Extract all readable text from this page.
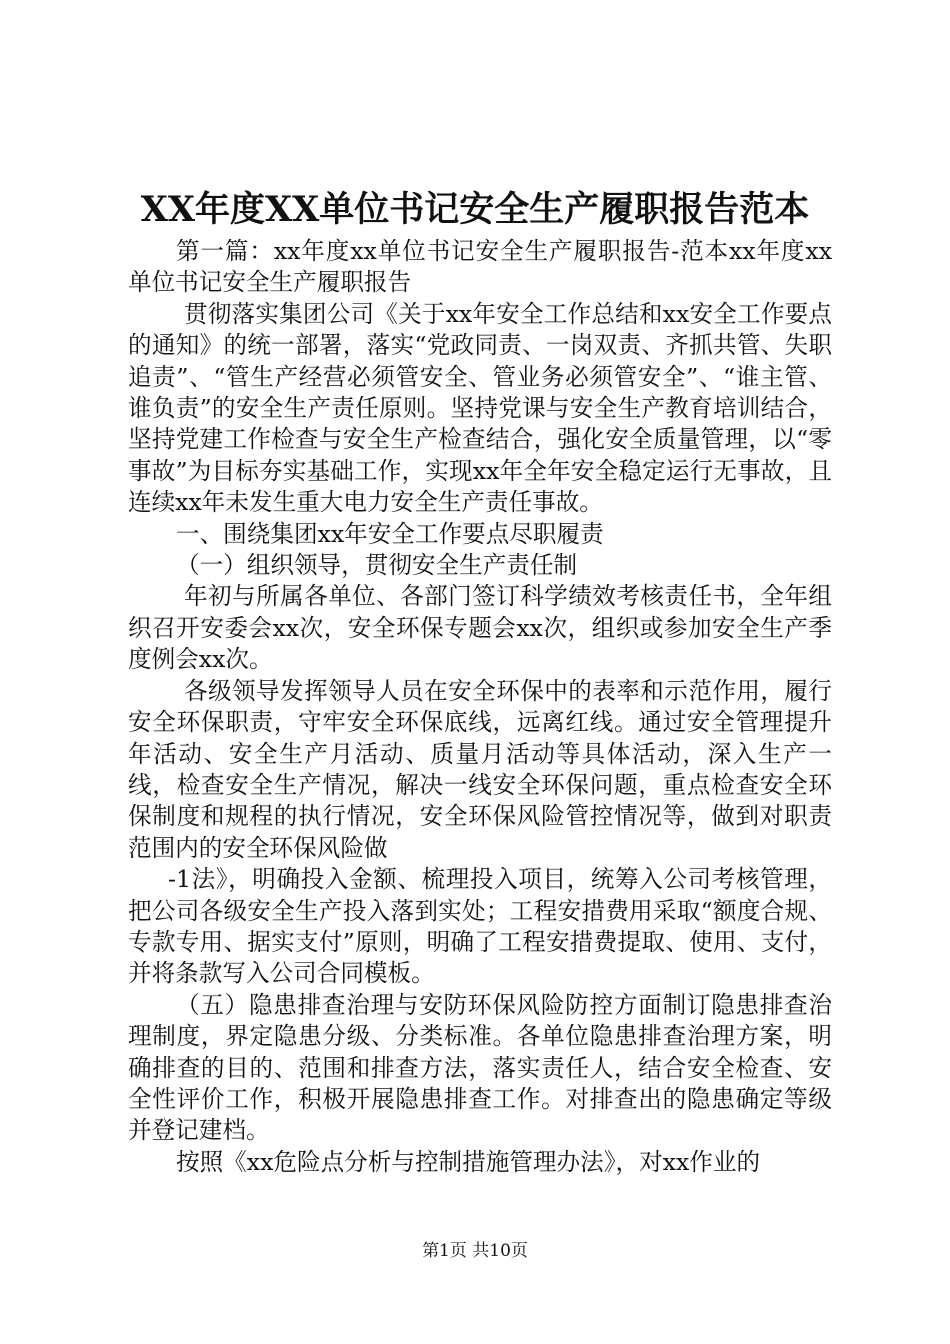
XX年度XX单位书记安全生产履职报告范本

第一篇：xx年度xx单位书记安全生产履职报告-范本xx年度xx单位书记安全生产履职报告

贯彻落实集团公司《关于xx年安全工作总结和xx安全工作要点的通知》的统一部署，落实“党政同责、一岗双责、齐抓共管、失职追责”、“管生产经营必须管安全、管业务必须管安全”、“谁主管、谁负责”的安全生产责任原则。坚持党课与安全生产教育培训结合，坚持党建工作检查与安全生产检查结合，强化安全质量管理，以“零事故”为目标夯实基础工作，实现xx年全年安全稳定运行无事故，且连续xx年未发生重大电力安全生产责任事故。

一、围绕集团xx年安全工作要点尽职履责

（一）组织领导，贯彻安全生产责任制

年初与所属各单位、各部门签订科学绩效考核责任书，全年组织召开安委会xx次，安全环保专题会xx次，组织或参加安全生产季度例会xx次。

各级领导发挥领导人员在安全环保中的表率和示范作用，履行安全环保职责，守牢安全环保底线，远离红线。通过安全管理提升年活动、安全生产月活动、质量月活动等具体活动，深入生产一线，检查安全生产情况，解决一线安全环保问题，重点检查安全环保制度和规程的执行情况，安全环保风险管控情况等，做到对职责范围内的安全环保风险做

-1法》，明确投入金额、梳理投入项目，统筹入公司考核管理，把公司各级安全生产投入落到实处；工程安措费用采取“额度合规、专款专用、据实支付”原则，明确了工程安措费提取、使用、支付，并将条款写入公司合同模板。

（五）隐患排查治理与安防环保风险防控方面制订隐患排查治理制度，界定隐患分级、分类标准。各单位隐患排查治理方案，明确排查的目的、范围和排查方法，落实责任人，结合安全检查、安全性评价工作，积极开展隐患排查工作。对排查出的隐患确定等级并登记建档。

按照《xx危险点分析与控制措施管理办法》，对xx作业的

第1页 共10页
